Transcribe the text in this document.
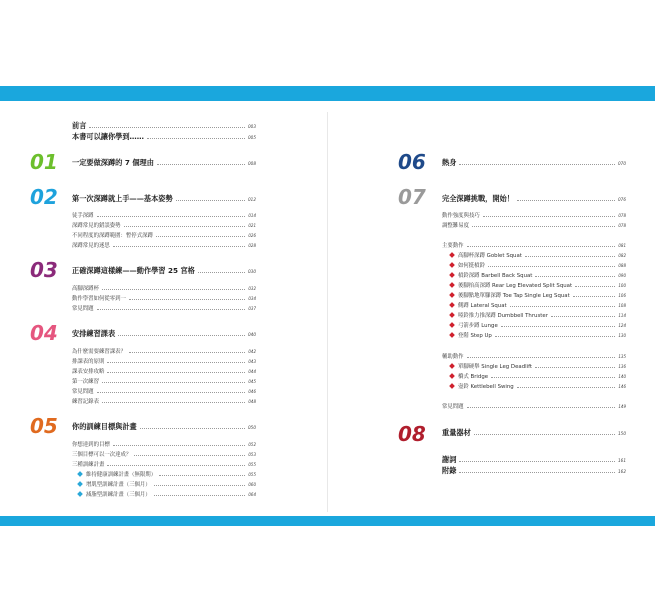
前言	003
本書可以讓你學到……	005
01 一定要做深蹲的 7 個理由	008
02 第一次深蹲就上手——基本姿勢	012
徒手深蹲	014
深蹲常見的錯誤姿勢	021
不同程度的深蹲範圍：暫停式深蹲	026
深蹲常見的迷思	028
03 正確深蹲這樣練——動作學習 25 宮格	030
高腳深蹲杯	032
動作學習如何從零到一	034
常見問題	037
04 安排練習課表	040
為什麼需要練習課表？	042
排課表的原則	043
課表安排攻略	044
第一次練習	045
常見問題	046
練習記錄表	048
05 你的訓練目標與計畫	050
你想達到的目標	052
三個目標可以一次達成？	053
三種訓練計畫	055
維持健康訓練計畫（無限期）	055
增肌型訓練計畫（三個月）	060
減脂型訓練計畫（三個月）	064
06 熱身	070
07 完全深蹲挑戰，開始！	076
動作強度與技巧	078
調整難易度	078
主要動作	081
高腳杯深蹲 Goblet Squat	082
如何挺槓鈴	088
槓鈴深蹲 Barbell Back Squat	090
後腳抬高深蹲 Rear Leg Elevated Split Squat	100
後腳點地單腳深蹲 Toe Tap Single Leg Squat	106
側蹲 Lateral Squat	108
啞鈴推力推深蹲 Dumbbell Thruster	114
弓箭步蹲 Lunge	124
登階 Step Up	130
輔助動作	135
單腳硬舉 Single Leg Deadlift	136
橋式 Bridge	140
壺鈴 Kettlebell Swing	146
常見問題	149
08 重量器材	150
謝詞	161
附錄	162
